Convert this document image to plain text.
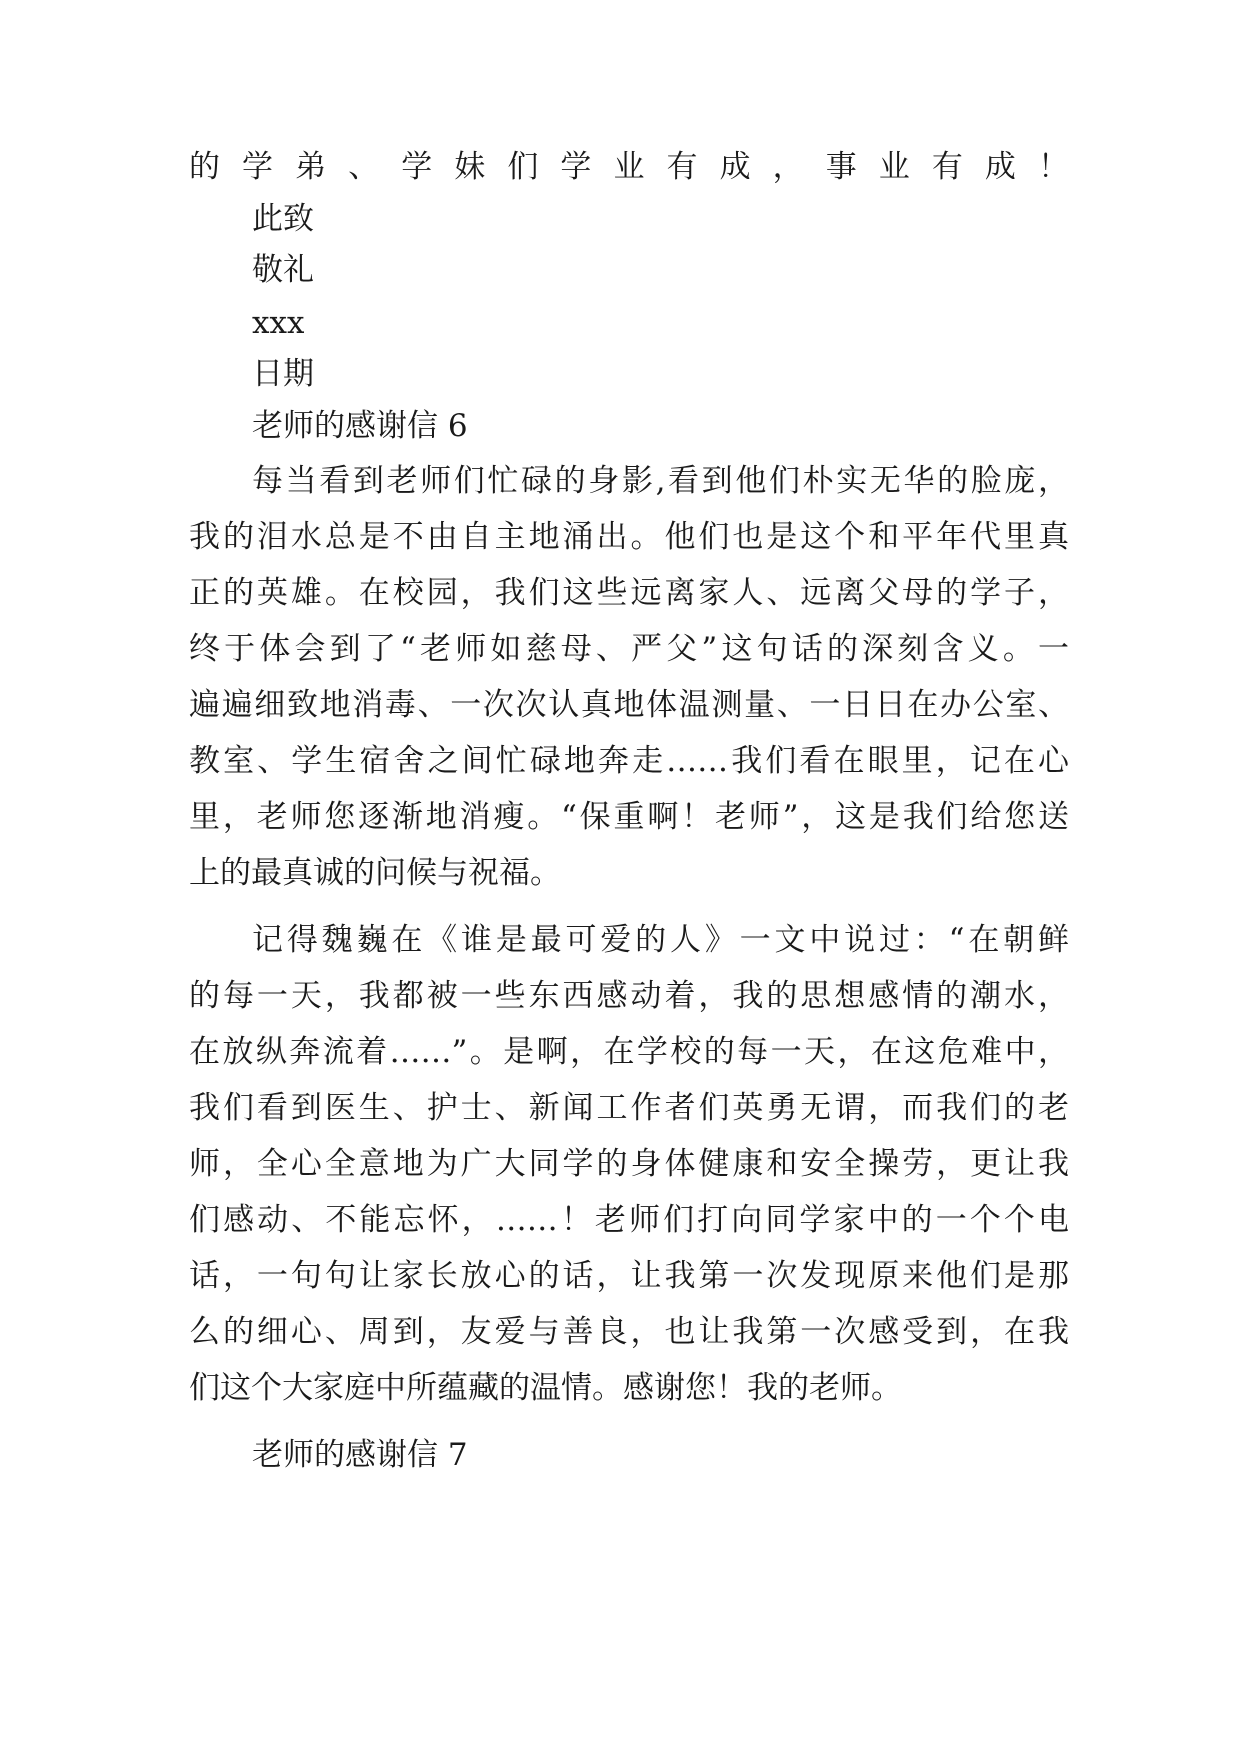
的学弟、学妹们学业有成，事业有成！
此致
敬礼
xxx
日期
老师的感谢信 6
每当看到老师们忙碌的身影,看到他们朴实无华的脸庞，
我的泪水总是不由自主地涌出。他们也是这个和平年代里真
正的英雄。在校园，我们这些远离家人、远离父母的学子，
终于体会到了“老师如慈母、严父”这句话的深刻含义。一
遍遍细致地消毒、一次次认真地体温测量、一日日在办公室、
教室、学生宿舍之间忙碌地奔走……我们看在眼里，记在心
里，老师您逐渐地消瘦。“保重啊！老师”，这是我们给您送
上的最真诚的问候与祝福。
记得魏巍在《谁是最可爱的人》一文中说过：“在朝鲜
的每一天，我都被一些东西感动着，我的思想感情的潮水，
在放纵奔流着……”。是啊，在学校的每一天，在这危难中，
我们看到医生、护士、新闻工作者们英勇无谓，而我们的老
师，全心全意地为广大同学的身体健康和安全操劳，更让我
们感动、不能忘怀，……！老师们打向同学家中的一个个电
话，一句句让家长放心的话，让我第一次发现原来他们是那
么的细心、周到，友爱与善良，也让我第一次感受到，在我
们这个大家庭中所蕴藏的温情。感谢您！我的老师。
老师的感谢信 7
